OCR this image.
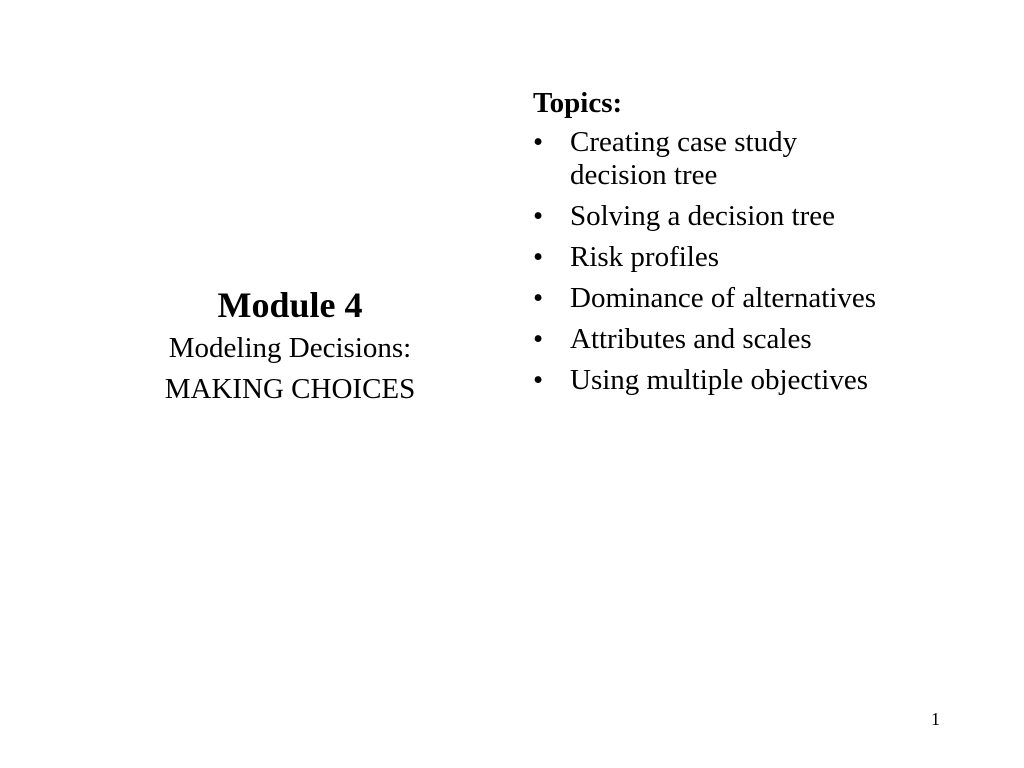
Module 4

Modeling Decisions:

MAKING CHOICES

Topics:

• Creating case study decision tree
• Solving a decision tree
• Risk profiles
• Dominance of alternatives
• Attributes and scales
• Using multiple objectives
1
